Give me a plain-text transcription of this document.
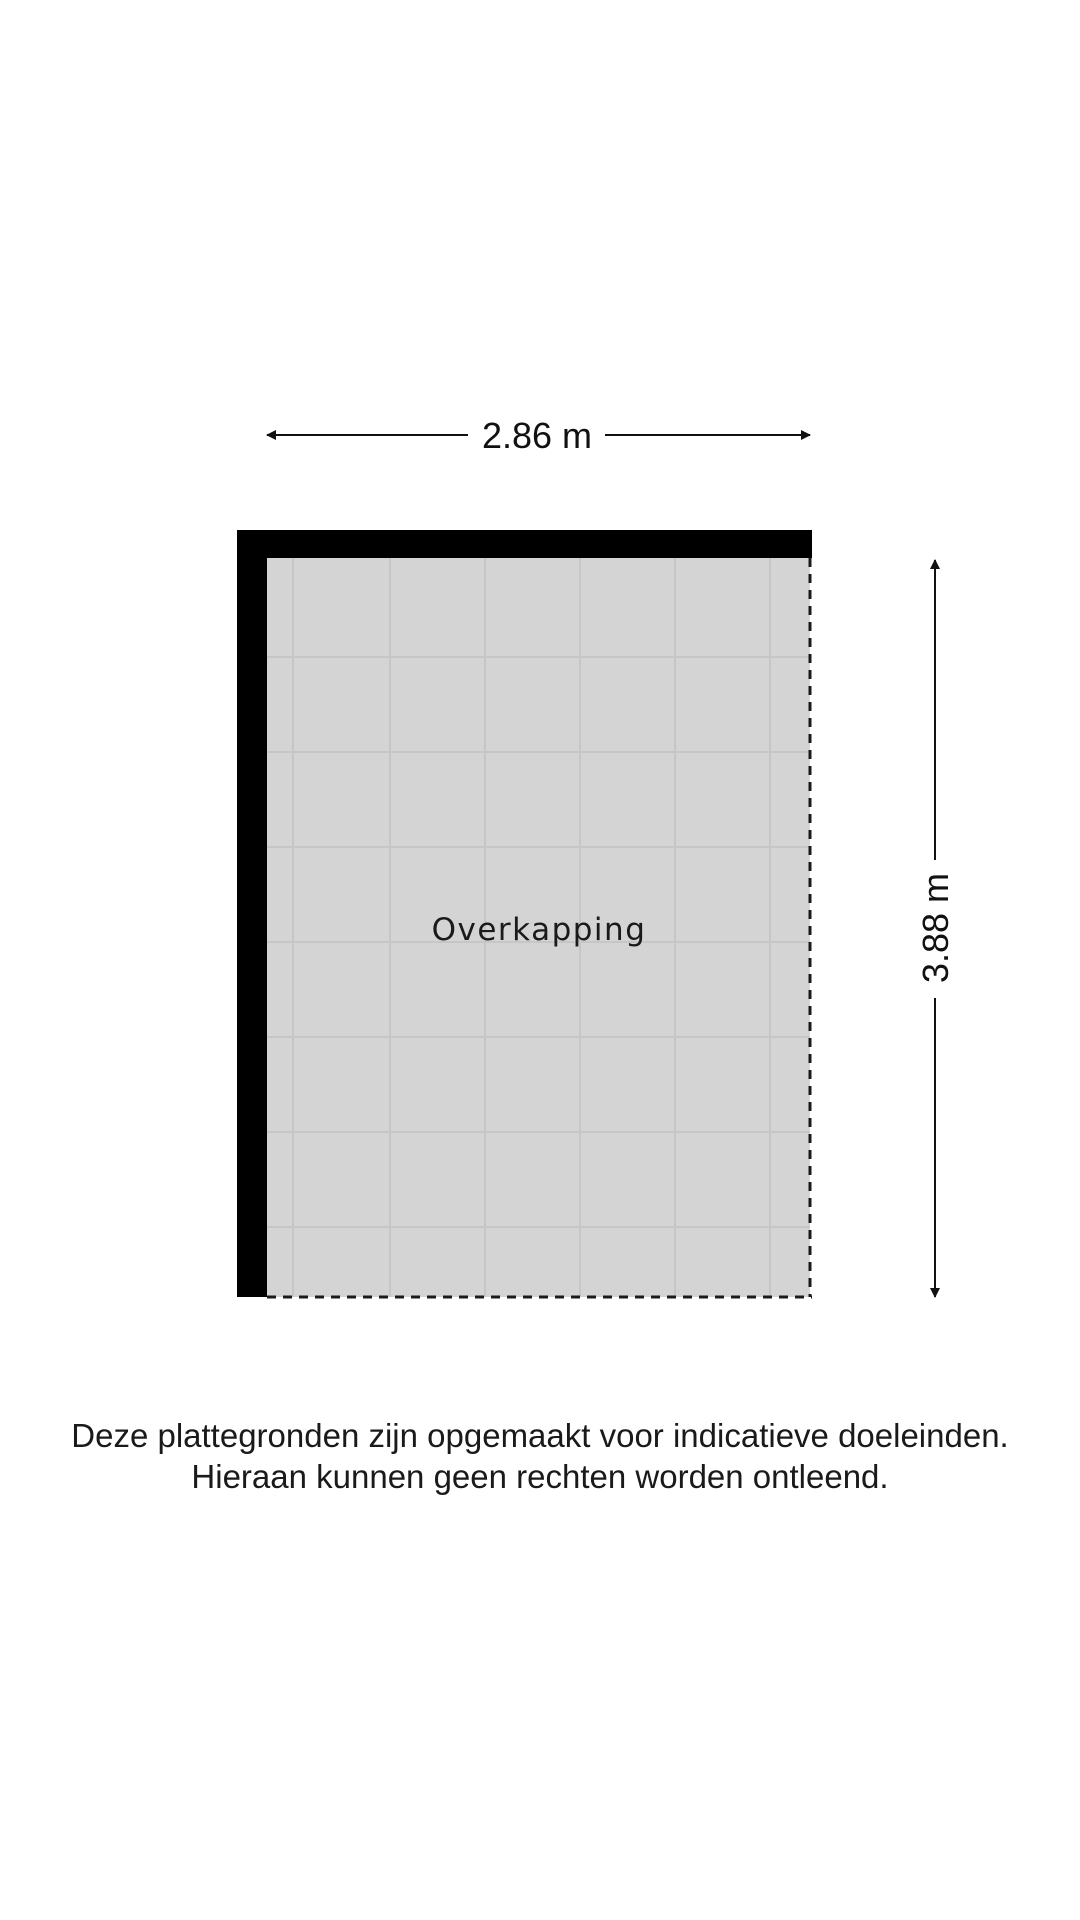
2.86 m
3.88 m
Overkapping

Deze plattegronden zijn opgemaakt voor indicatieve doeleinden.
Hieraan kunnen geen rechten worden ontleend.
